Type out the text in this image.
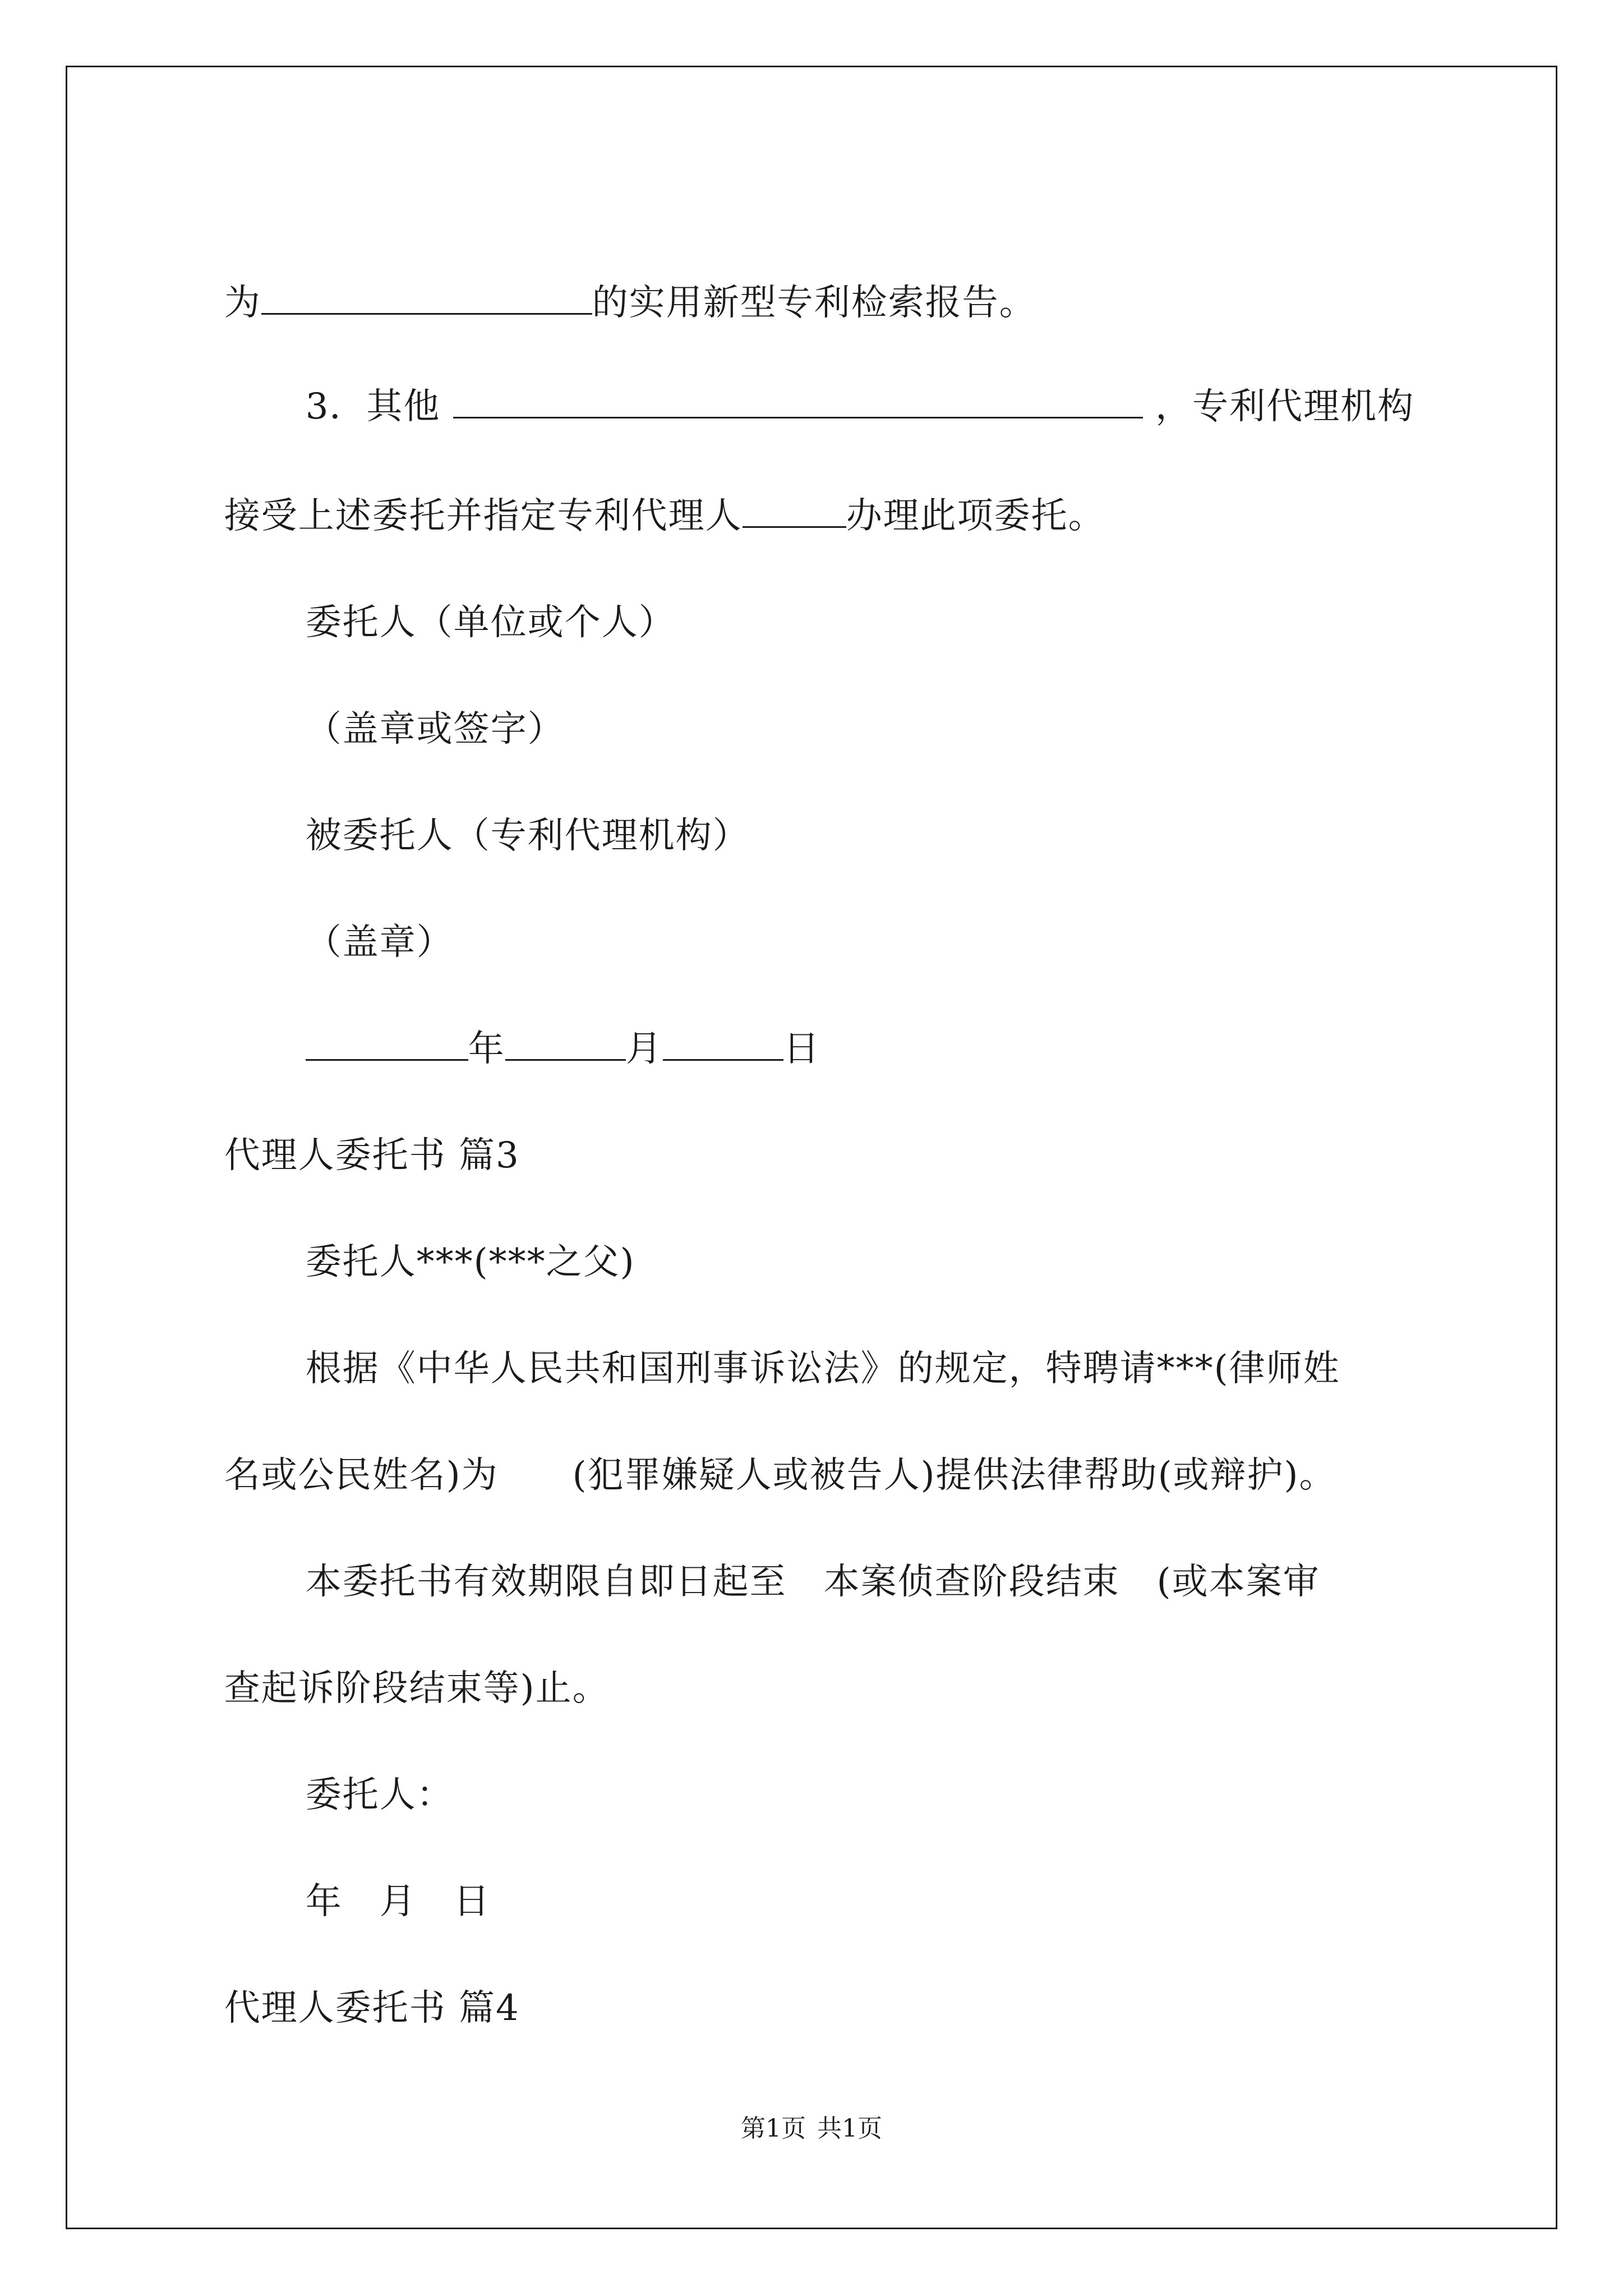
为	的实用新型专利检索报告。

3．其他	，专利代理机构

接受上述委托并指定专利代理人	办理此项委托。

委托人（单位或个人）

（盖章或签字）

被委托人（专利代理机构）

（盖章）

年	月	日

代理人委托书 篇3

委托人***(***之父)

根据《中华人民共和国刑事诉讼法》的规定，特聘请***(律师姓

名或公民姓名)为　　(犯罪嫌疑人或被告人)提供法律帮助(或辩护)。

本委托书有效期限自即日起至　本案侦查阶段结束　(或本案审

查起诉阶段结束等)止。

委托人：

年　月　日

代理人委托书 篇4

第1页 共1页
